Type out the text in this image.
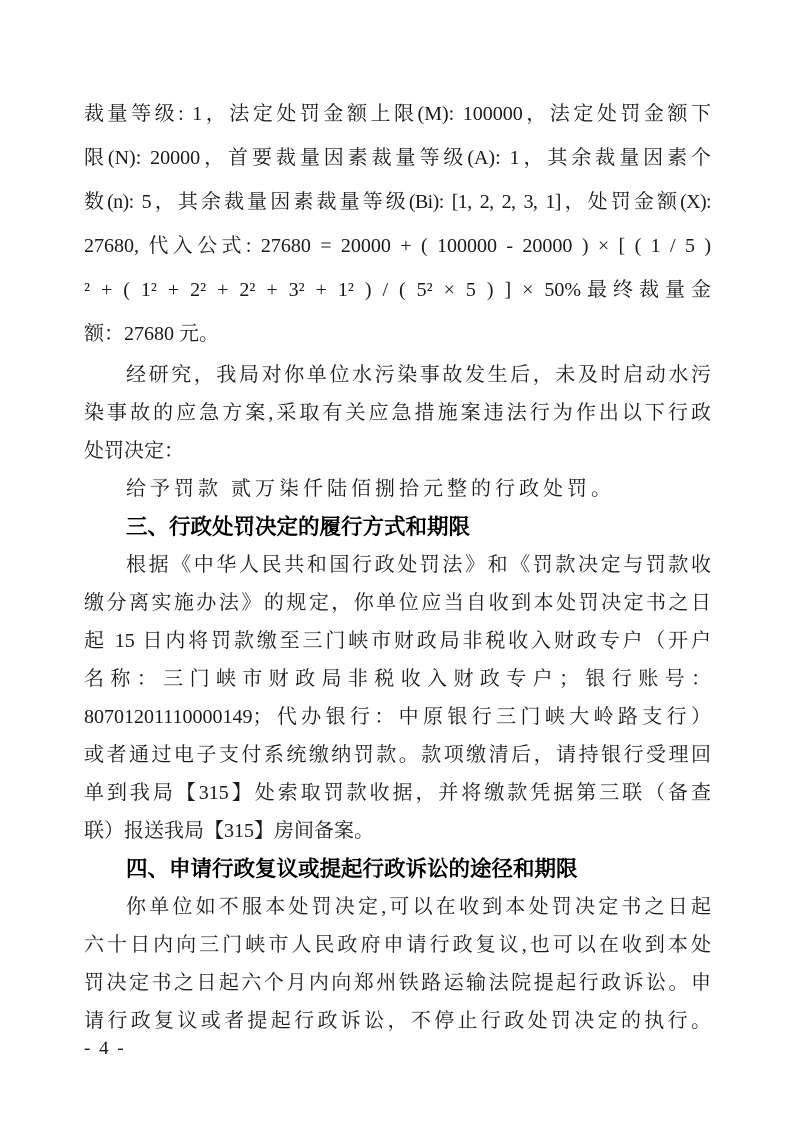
裁量等级: 1，法定处罚金额上限(M): 100000，法定处罚金额下
限(N): 20000，首要裁量因素裁量等级(A): 1，其余裁量因素个
数(n): 5，其余裁量因素裁量等级(Bi): [1, 2, 2, 3, 1]，处罚金额(X):
27680, 代入公式: 27680 = 20000 + ( 100000 - 20000 ) × [ ( 1 / 5 )
² + ( 1² + 2² + 2² + 3² + 1² ) / ( 5² × 5 ) ] × 50%最终裁量金
额：27680 元。
经研究，我局对你单位水污染事故发生后，未及时启动水污
染事故的应急方案,采取有关应急措施案违法行为作出以下行政
处罚决定：
给予罚款 贰万柒仟陆佰捌拾元整的行政处罚。
三、行政处罚决定的履行方式和期限
根据《中华人民共和国行政处罚法》和《罚款决定与罚款收
缴分离实施办法》的规定，你单位应当自收到本处罚决定书之日
起 15 日内将罚款缴至三门峡市财政局非税收入财政专户（开户
名称：三门峡市财政局非税收入财政专户；银行账号：
80701201110000149；代办银行：中原银行三门峡大岭路支行）
或者通过电子支付系统缴纳罚款。款项缴清后，请持银行受理回
单到我局【315】处索取罚款收据，并将缴款凭据第三联（备查
联）报送我局【315】房间备案。
四、申请行政复议或提起行政诉讼的途径和期限
你单位如不服本处罚决定,可以在收到本处罚决定书之日起
六十日内向三门峡市人民政府申请行政复议,也可以在收到本处
罚决定书之日起六个月内向郑州铁路运输法院提起行政诉讼。申
请行政复议或者提起行政诉讼，不停止行政处罚决定的执行。
- 4 -
